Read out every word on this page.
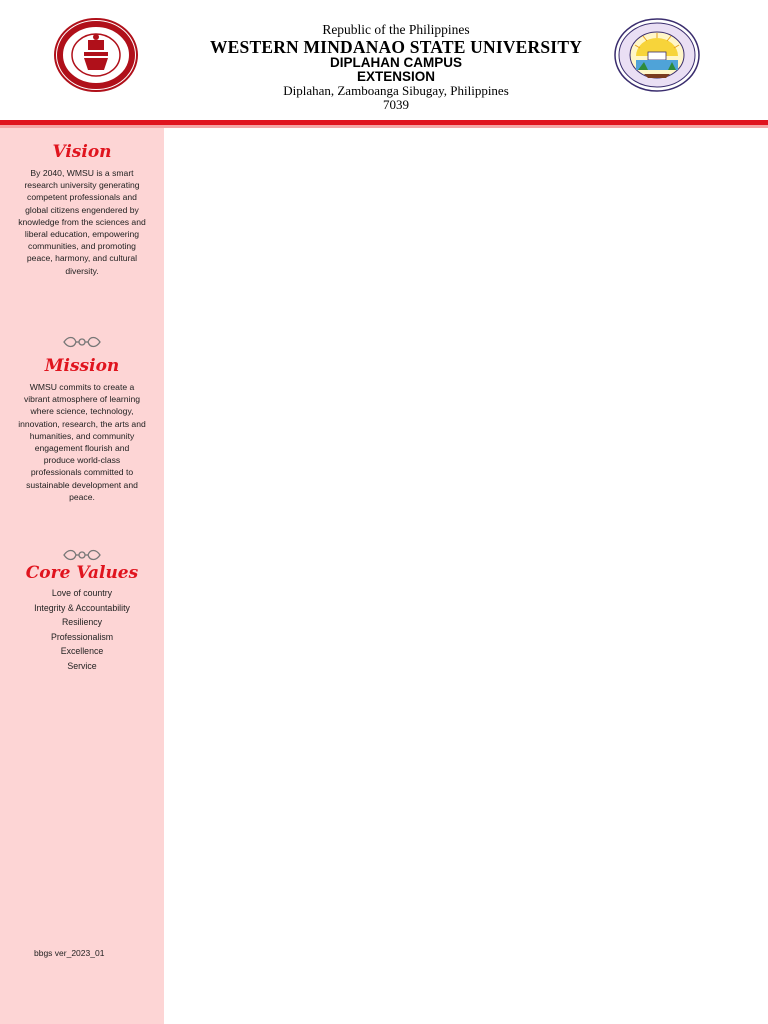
Republic of the Philippines
WESTERN MINDANAO STATE UNIVERSITY
DIPLAHAN CAMPUS
EXTENSION
Diplahan, Zamboanga Sibugay, Philippines
7039
Vision
By 2040, WMSU is a smart research university generating competent professionals and global citizens engendered by knowledge from the sciences and liberal education, empowering communities, and promoting peace, harmony, and cultural diversity.
Mission
WMSU commits to create a vibrant atmosphere of learning where science, technology, innovation, research, the arts and humanities, and community engagement flourish and produce world-class professionals committed to sustainable development and peace.
Core Values
Love of country
Integrity & Accountability
Resiliency
Professionalism
Excellence
Service
bbgs ver_2023_01
